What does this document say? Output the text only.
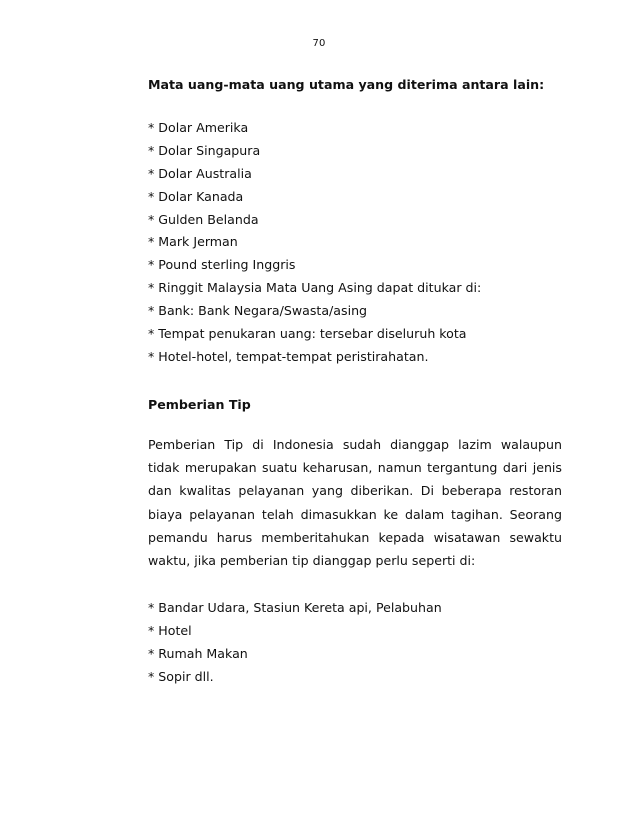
70
Mata uang-mata uang utama yang diterima antara lain:
* Dolar Amerika
* Dolar Singapura
* Dolar Australia
* Dolar Kanada
* Gulden Belanda
* Mark Jerman
* Pound sterling Inggris
* Ringgit Malaysia Mata Uang Asing dapat ditukar di:
* Bank: Bank Negara/Swasta/asing
* Tempat penukaran uang: tersebar diseluruh kota
* Hotel-hotel, tempat-tempat peristirahatan.
Pemberian Tip
Pemberian Tip di Indonesia sudah dianggap lazim walaupun
tidak merupakan suatu keharusan, namun tergantung dari jenis
dan kwalitas pelayanan yang diberikan. Di beberapa restoran
biaya pelayanan telah dimasukkan ke dalam tagihan. Seorang
pemandu harus memberitahukan kepada wisatawan sewaktu
waktu, jika pemberian tip dianggap perlu seperti di:
* Bandar Udara, Stasiun Kereta api, Pelabuhan
* Hotel
* Rumah Makan
* Sopir dll.
